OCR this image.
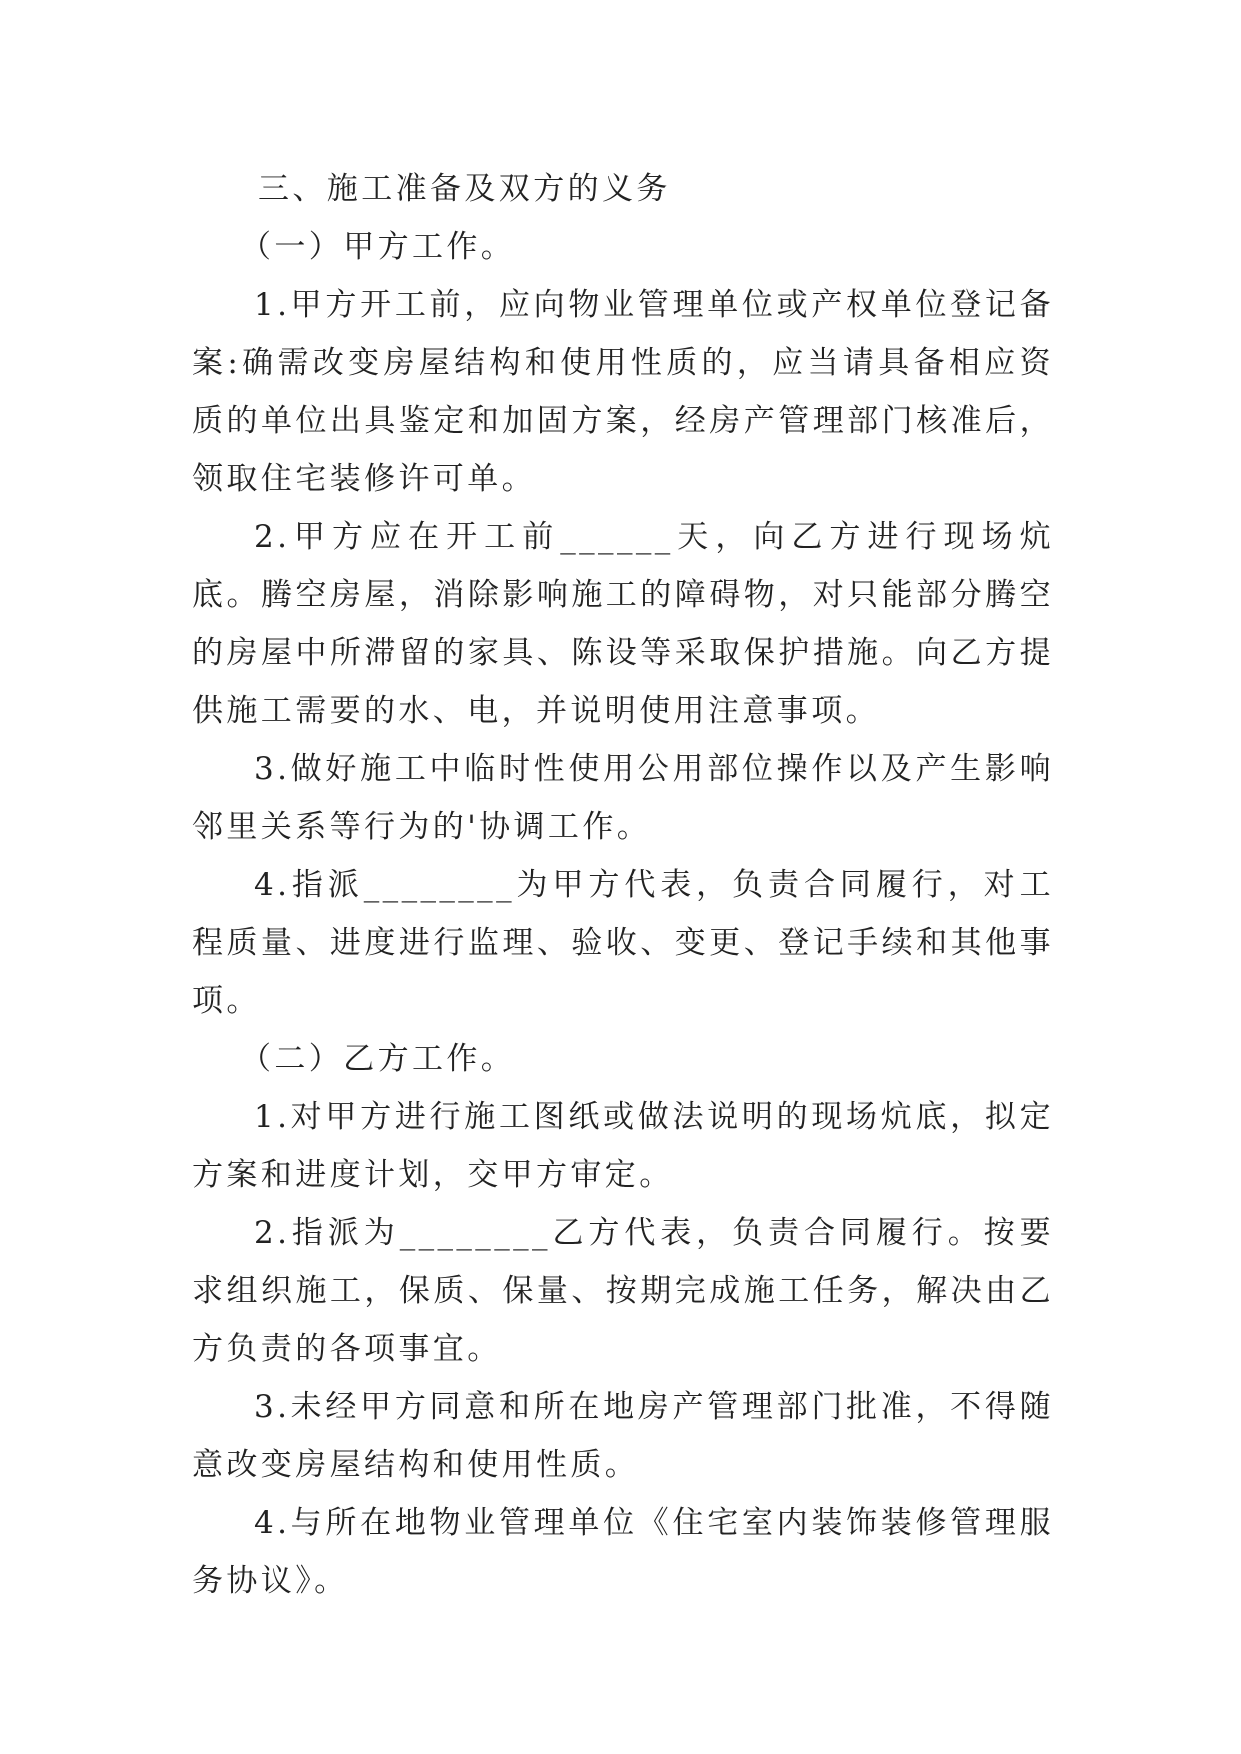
三、施工准备及双方的义务

（一）甲方工作。

1.甲方开工前，应向物业管理单位或产权单位登记备案:确需改变房屋结构和使用性质的，应当请具备相应资质的单位出具鉴定和加固方案，经房产管理部门核准后，领取住宅装修许可单。

2.甲方应在开工前______天，向乙方进行现场炕底。腾空房屋，消除影响施工的障碍物，对只能部分腾空的房屋中所滞留的家具、陈设等采取保护措施。向乙方提供施工需要的水、电，并说明使用注意事项。

3.做好施工中临时性使用公用部位操作以及产生影响邻里关系等行为的'协调工作。

4.指派________为甲方代表，负责合同履行，对工程质量、进度进行监理、验收、变更、登记手续和其他事项。

（二）乙方工作。

1.对甲方进行施工图纸或做法说明的现场炕底，拟定方案和进度计划，交甲方审定。

2.指派为________乙方代表，负责合同履行。按要求组织施工，保质、保量、按期完成施工任务，解决由乙方负责的各项事宜。

3.未经甲方同意和所在地房产管理部门批准，不得随意改变房屋结构和使用性质。

4.与所在地物业管理单位《住宅室内装饰装修管理服务协议》。
